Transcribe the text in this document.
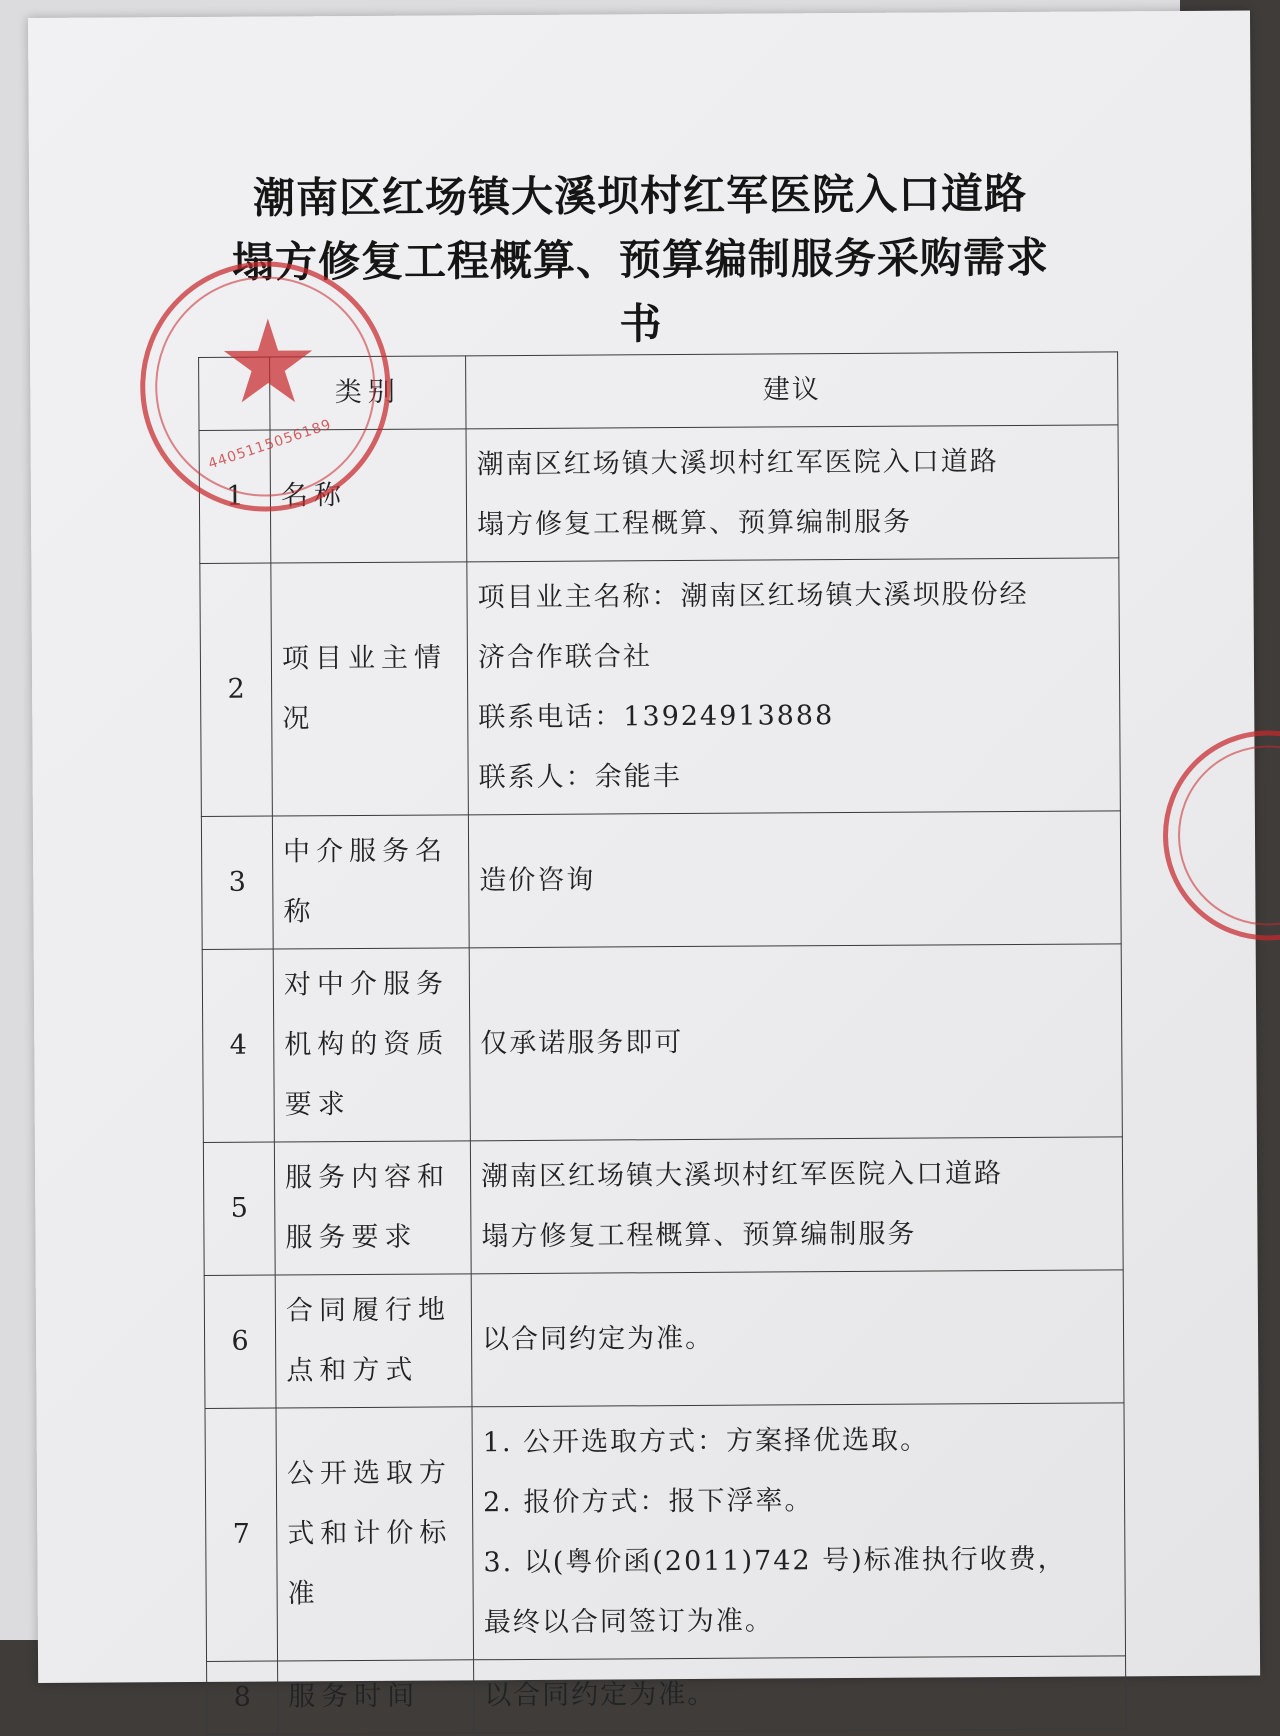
潮南区红场镇大溪坝村红军医院入口道路
塌方修复工程概算、预算编制服务采购需求
书
	类别	建议
1	名称	潮南区红场镇大溪坝村红军医院入口道路
塌方修复工程概算、预算编制服务

2	项目业主情况	项目业主名称：潮南区红场镇大溪坝股份经
济合作联合社
联系电话：13924913888
联系人：余能丰

3	中介服务名称	造价咨询

4	对中介服务机构的资质要求	仅承诺服务即可

5	服务内容和服务要求	潮南区红场镇大溪坝村红军医院入口道路
塌方修复工程概算、预算编制服务

6	合同履行地点和方式	以合同约定为准。

7	公开选取方式和计价标准	1. 公开选取方式：方案择优选取。
2. 报价方式：报下浮率。
3. 以(粤价函(2011)742 号)标准执行收费，
最终以合同签订为准。

8	服务时间	以合同约定为准。
4405115056189
